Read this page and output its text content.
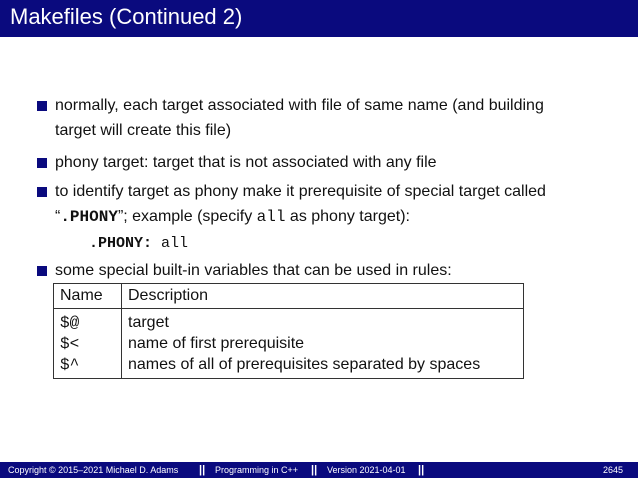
Makefiles (Continued 2)
normally, each target associated with file of same name (and building
target will create this file)
phony target: target that is not associated with any file
to identify target as phony make it prerequisite of special target called
“.PHONY”; example (specify all as phony target):
.PHONY: all
some special built-in variables that can be used in rules:
Name	Description
$@	target
$<	name of first prerequisite
$^	names of all of prerequisites separated by spaces
Copyright © 2015–2021 Michael D. Adams || Programming in C++ || Version 2021-04-01 ||	2645
